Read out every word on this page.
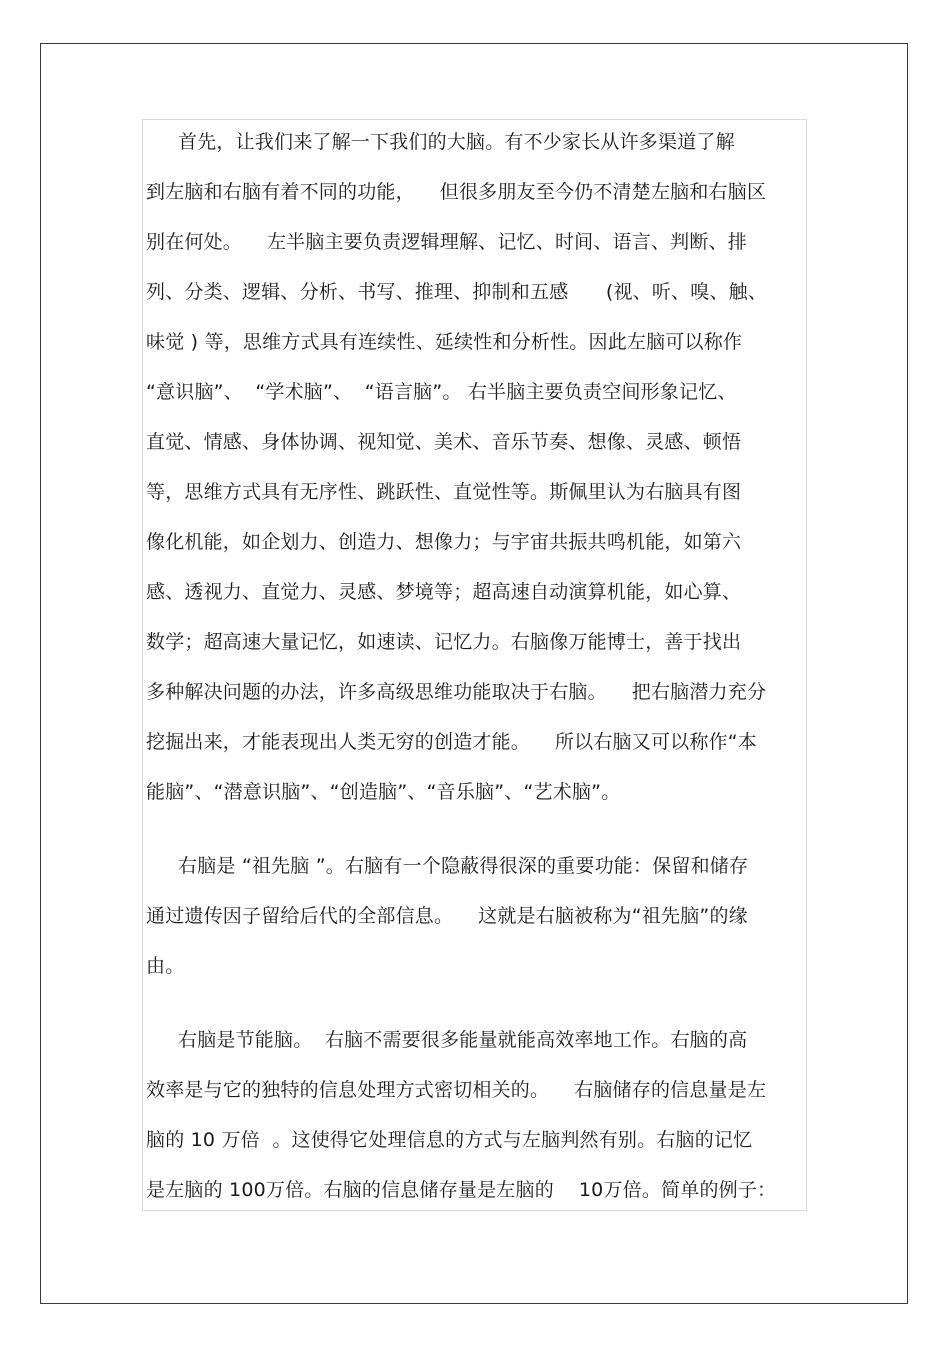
首先，让我们来了解一下我们的大脑。有不少家长从许多渠道了解
到左脑和右脑有着不同的功能，    但很多朋友至今仍不清楚左脑和右脑区
别在何处。    左半脑主要负责逻辑理解、记忆、时间、语言、判断、排
列、分类、逻辑、分析、书写、推理、抑制和五感      (视、听、嗅、触、
味觉 ) 等，思维方式具有连续性、延续性和分析性。因此左脑可以称作
“意识脑”、  “学术脑”、  “语言脑”。 右半脑主要负责空间形象记忆、
直觉、情感、身体协调、视知觉、美术、音乐节奏、想像、灵感、顿悟
等，思维方式具有无序性、跳跃性、直觉性等。斯佩里认为右脑具有图
像化机能，如企划力、创造力、想像力；与宇宙共振共鸣机能，如第六
感、透视力、直觉力、灵感、梦境等；超高速自动演算机能，如心算、
数学；超高速大量记忆，如速读、记忆力。右脑像万能博士，善于找出
多种解决问题的办法，许多高级思维功能取决于右脑。    把右脑潜力充分
挖掘出来，才能表现出人类无穷的创造才能。    所以右脑又可以称作“本
能脑”、“潜意识脑”、“创造脑”、“音乐脑”、“艺术脑”。
右脑是 “祖先脑 ”。右脑有一个隐蔽得很深的重要功能：保留和储存
通过遗传因子留给后代的全部信息。    这就是右脑被称为“祖先脑”的缘
由。
右脑是节能脑。  右脑不需要很多能量就能高效率地工作。右脑的高
效率是与它的独特的信息处理方式密切相关的。    右脑储存的信息量是左
脑的 10 万倍  。这使得它处理信息的方式与左脑判然有别。右脑的记忆
是左脑的 100万倍。右脑的信息储存量是左脑的    10万倍。简单的例子：
